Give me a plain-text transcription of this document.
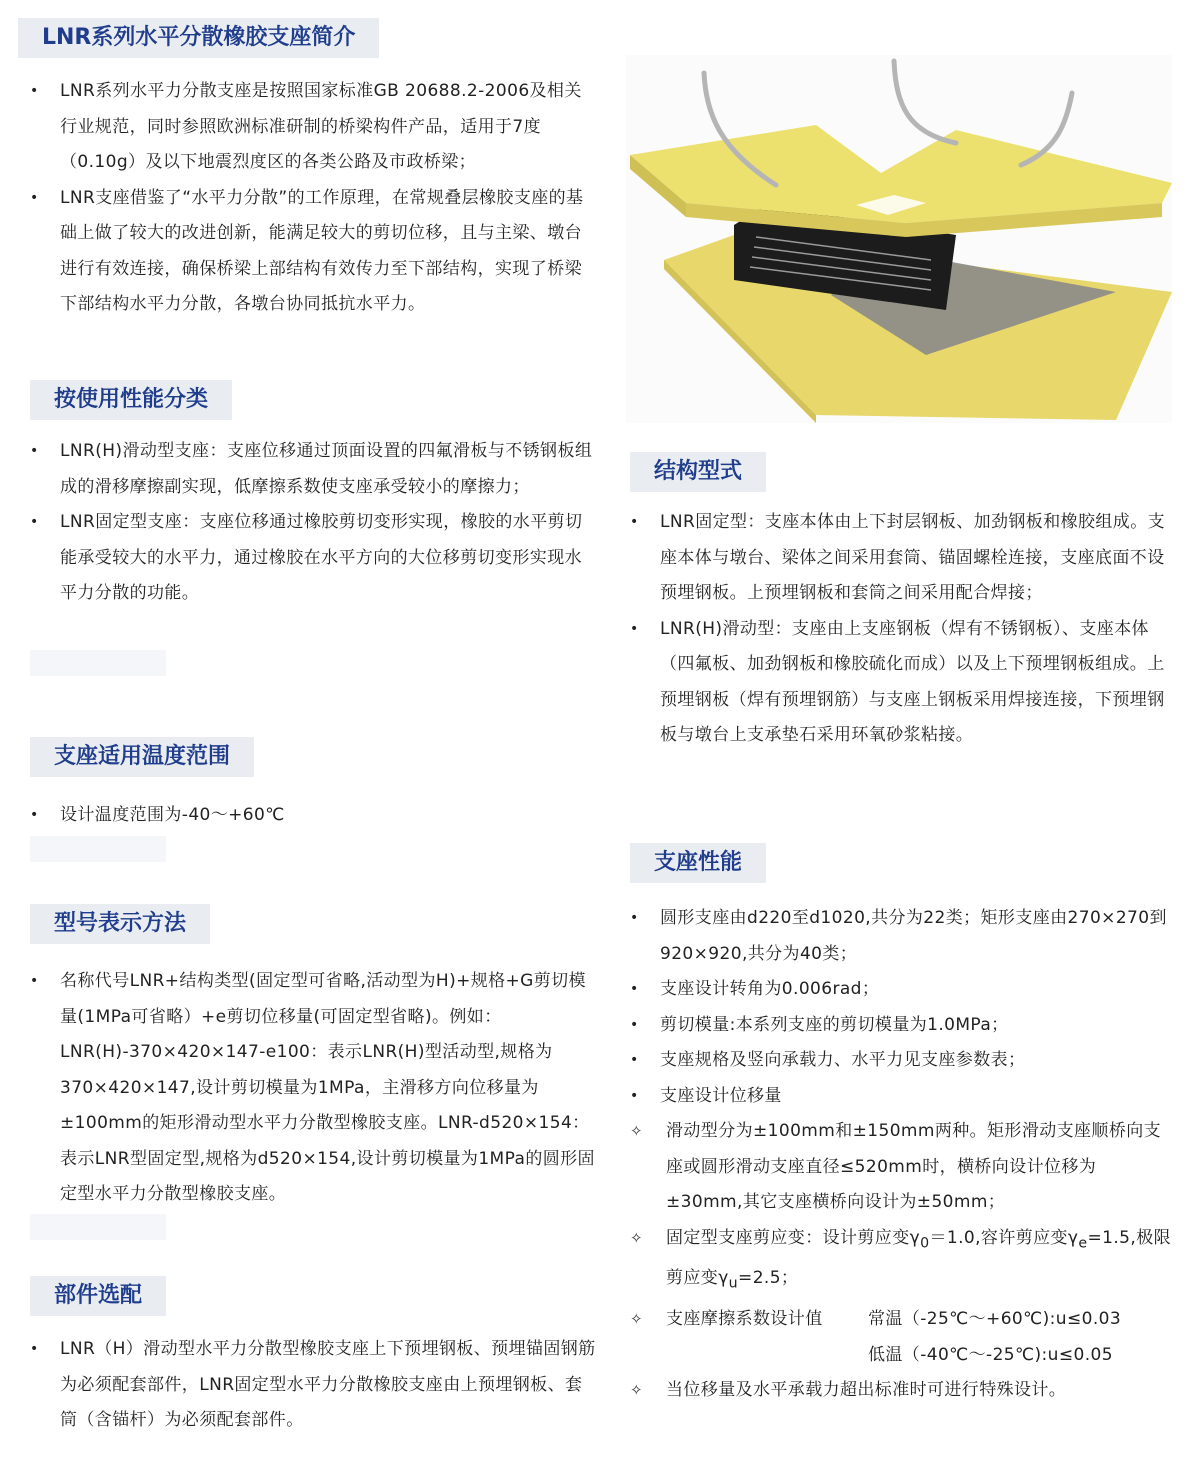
LNR系列水平分散橡胶支座简介
•	LNR系列水平力分散支座是按照国家标准GB 20688.2-2006及相关行业规范，同时参照欧洲标准研制的桥梁构件产品，适用于7度（0.10g）及以下地震烈度区的各类公路及市政桥梁；
•	LNR支座借鉴了“水平力分散”的工作原理，在常规叠层橡胶支座的基础上做了较大的改进创新，能满足较大的剪切位移，且与主梁、墩台进行有效连接，确保桥梁上部结构有效传力至下部结构，实现了桥梁下部结构水平力分散，各墩台协同抵抗水平力。
按使用性能分类
•	LNR(H)滑动型支座：支座位移通过顶面设置的四氟滑板与不锈钢板组成的滑移摩擦副实现，低摩擦系数使支座承受较小的摩擦力；
•	LNR固定型支座：支座位移通过橡胶剪切变形实现，橡胶的水平剪切能承受较大的水平力，通过橡胶在水平方向的大位移剪切变形实现水平力分散的功能。
支座适用温度范围
•	设计温度范围为-40～+60℃
型号表示方法
•	名称代号LNR+结构类型(固定型可省略,活动型为H)+规格+G剪切模量(1MPa可省略）+e剪切位移量(可固定型省略)。例如：LNR(H)-370×420×147-e100：表示LNR(H)型活动型,规格为370×420×147,设计剪切模量为1MPa，主滑移方向位移量为±100mm的矩形滑动型水平力分散型橡胶支座。LNR-d520×154：表示LNR型固定型,规格为d520×154,设计剪切模量为1MPa的圆形固定型水平力分散型橡胶支座。
部件选配
•	LNR（H）滑动型水平力分散型橡胶支座上下预埋钢板、预埋锚固钢筋为必须配套部件，LNR固定型水平力分散橡胶支座由上预埋钢板、套筒（含锚杆）为必须配套部件。
结构型式
•	LNR固定型：支座本体由上下封层钢板、加劲钢板和橡胶组成。支座本体与墩台、梁体之间采用套筒、锚固螺栓连接，支座底面不设预埋钢板。上预埋钢板和套筒之间采用配合焊接；
•	LNR(H)滑动型：支座由上支座钢板（焊有不锈钢板）、支座本体（四氟板、加劲钢板和橡胶硫化而成）以及上下预埋钢板组成。上预埋钢板（焊有预埋钢筋）与支座上钢板采用焊接连接，下预埋钢板与墩台上支承垫石采用环氧砂浆粘接。
支座性能
•	圆形支座由d220至d1020,共分为22类；矩形支座由270×270到920×920,共分为40类；
•	支座设计转角为0.006rad；
•	剪切模量:本系列支座的剪切模量为1.0MPa；
•	支座规格及竖向承载力、水平力见支座参数表；
•	支座设计位移量
✧	滑动型分为±100mm和±150mm两种。矩形滑动支座顺桥向支座或圆形滑动支座直径≤520mm时，横桥向设计位移为±30mm,其它支座横桥向设计为±50mm；
✧	固定型支座剪应变：设计剪应变$\gamma_0=1.0$,容许剪应变$\gamma_e=1.5$,极限剪应变$\gamma_u=2.5$；
✧	支座摩擦系数设计值	常温（-25℃～+60℃):u≤0.03
低温（-40℃～-25℃):u≤0.05
✧	当位移量及水平承载力超出标准时可进行特殊设计。
